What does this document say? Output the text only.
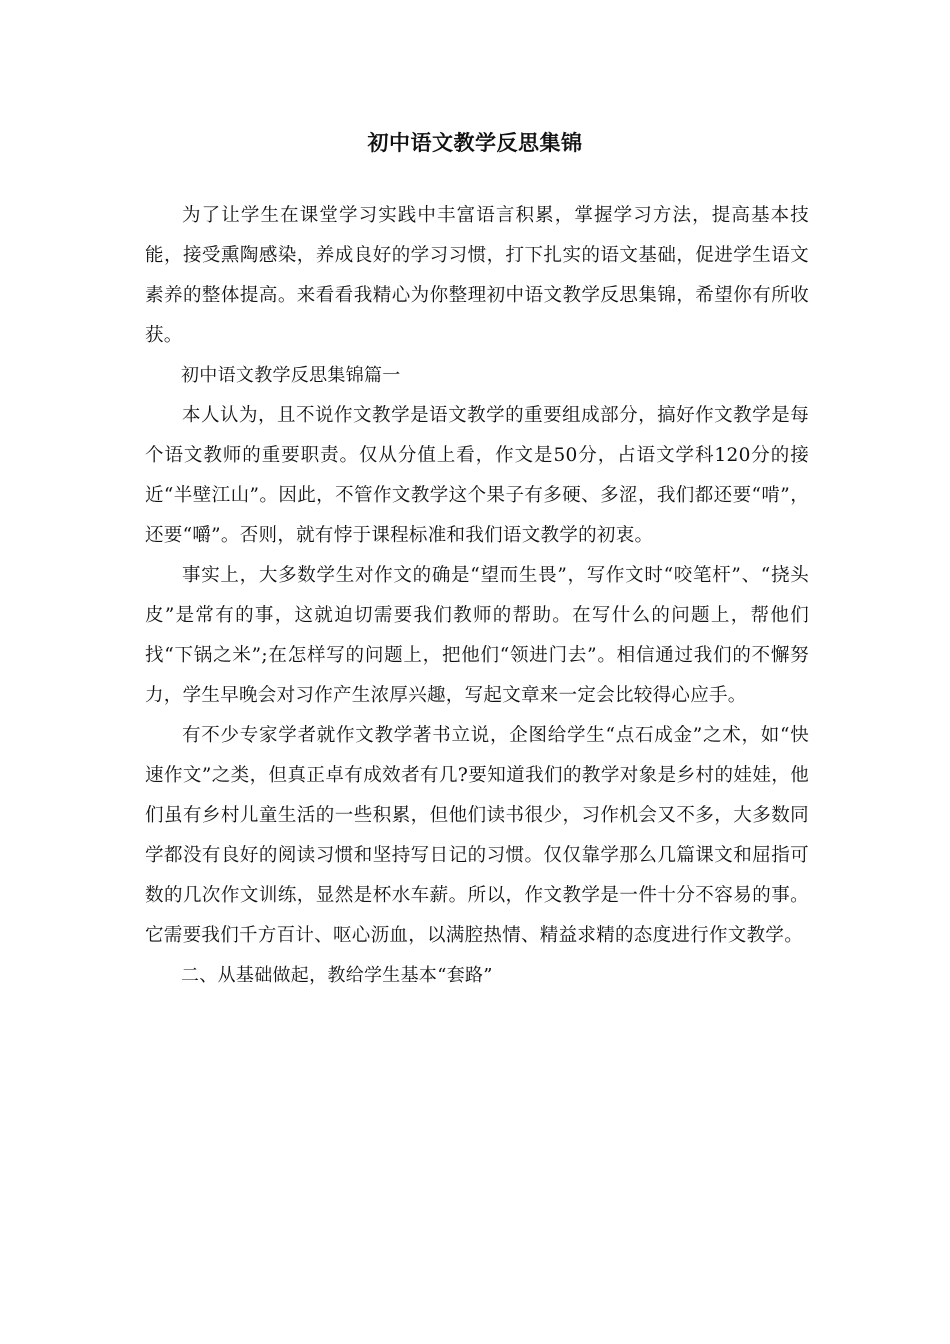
初中语文教学反思集锦

为了让学生在课堂学习实践中丰富语言积累，掌握学习方法，提高基本技能，接受熏陶感染，养成良好的学习习惯，打下扎实的语文基础，促进学生语文素养的整体提高。来看看我精心为你整理初中语文教学反思集锦，希望你有所收获。

初中语文教学反思集锦篇一

本人认为，且不说作文教学是语文教学的重要组成部分，搞好作文教学是每个语文教师的重要职责。仅从分值上看，作文是50分，占语文学科120分的接近“半壁江山”。因此，不管作文教学这个果子有多硬、多涩，我们都还要“啃”，还要“嚼”。否则，就有悖于课程标准和我们语文教学的初衷。

事实上，大多数学生对作文的确是“望而生畏”，写作文时“咬笔杆”、“挠头皮”是常有的事，这就迫切需要我们教师的帮助。在写什么的问题上，帮他们找“下锅之米”;在怎样写的问题上，把他们“领进门去”。相信通过我们的不懈努力，学生早晚会对习作产生浓厚兴趣，写起文章来一定会比较得心应手。

有不少专家学者就作文教学著书立说，企图给学生“点石成金”之术，如“快速作文”之类，但真正卓有成效者有几?要知道我们的教学对象是乡村的娃娃，他们虽有乡村儿童生活的一些积累，但他们读书很少，习作机会又不多，大多数同学都没有良好的阅读习惯和坚持写日记的习惯。仅仅靠学那么几篇课文和屈指可数的几次作文训练，显然是杯水车薪。所以，作文教学是一件十分不容易的事。它需要我们千方百计、呕心沥血，以满腔热情、精益求精的态度进行作文教学。

二、从基础做起，教给学生基本“套路”
